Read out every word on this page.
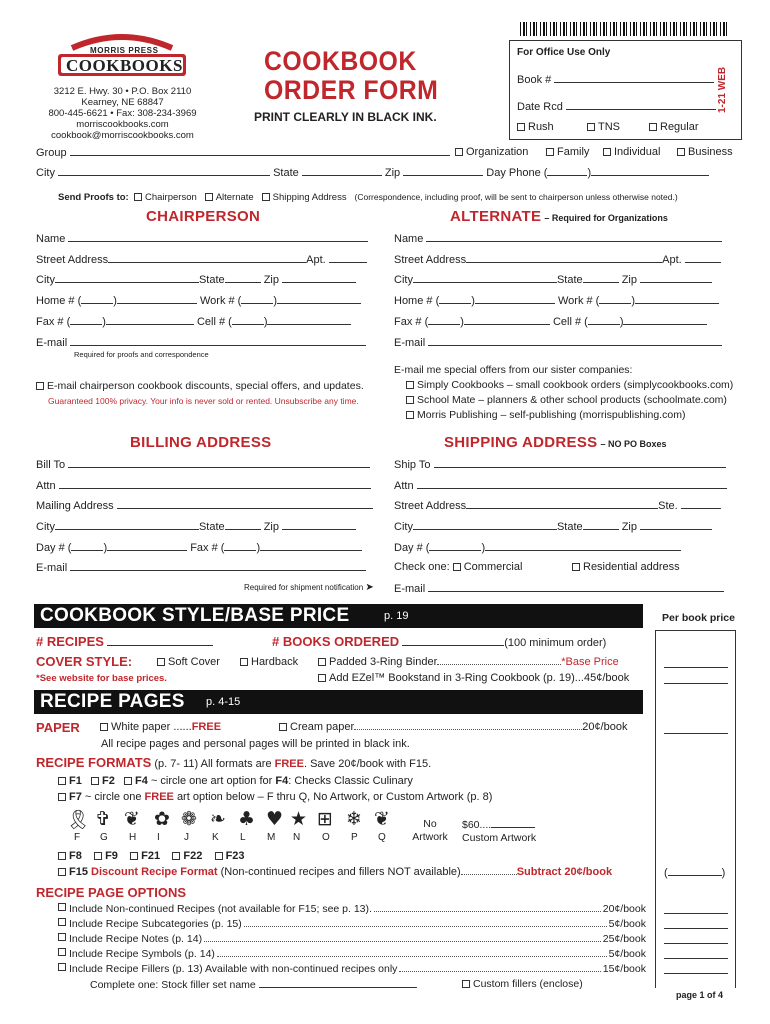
MORRIS PRESS
COOKBOOKS
3212 E. Hwy. 30 • P.O. Box 2110
Kearney, NE 68847
800-445-6621 • Fax: 308-234-3969
morriscookbooks.com
cookbook@morriscookbooks.com
COOKBOOK
ORDER FORM
PRINT CLEARLY IN BLACK INK.
For Office Use Only
Book #
Date Rcd
Rush	TNS	Regular
1-21 WEB
Group	Organization	Family	Individual	Business
City	State	Zip	Day Phone (	)
Send Proofs to: Chairperson Alternate Shipping Address (Correspondence, including proof, will be sent to chairperson unless otherwise noted.)
CHAIRPERSON
Name
Street Address	Apt.
City	State	Zip
Home # (	)	Work # (	)
Fax # (	)	Cell # (	)
E-mail
Required for proofs and correspondence
ALTERNATE – Required for Organizations
Name
Street Address	Apt.
City	State	Zip
Home # (	)	Work # (	)
Fax # (	)	Cell # (	)
E-mail
E-mail chairperson cookbook discounts, special offers, and updates.
Guaranteed 100% privacy. Your info is never sold or rented. Unsubscribe any time.
E-mail me special offers from our sister companies:
Simply Cookbooks – small cookbook orders (simplycookbooks.com)
School Mate – planners & other school products (schoolmate.com)
Morris Publishing – self-publishing (morrispublishing.com)
BILLING ADDRESS
Bill To
Attn
Mailing Address
City	State	Zip
Day # (	)	Fax # (	)
E-mail
Required for shipment notification ➤
SHIPPING ADDRESS – NO PO Boxes
Ship To
Attn
Street Address	Ste.
City	State	Zip
Day # (	)
Check one: Commercial	Residential address
E-mail
COOKBOOK STYLE/BASE PRICE	p. 19	Per book price
# RECIPES	# BOOKS ORDERED	(100 minimum order)
COVER STYLE:	Soft Cover	Hardback	Padded 3-Ring Binder	*Base Price
*See website for base prices.	Add EZel™ Bookstand in 3-Ring Cookbook (p. 19)...45¢/book
RECIPE PAGES p. 4-15
PAPER	White paper ......FREE	Cream paper	20¢/book
All recipe pages and personal pages will be printed in black ink.
RECIPE FORMATS (p. 7- 11) All formats are FREE. Save 20¢/book with F15.
F1 F2 F4 ~ circle one art option for F4: Checks Classic Culinary
F7 ~ circle one FREE art option below – F thru Q, No Artwork, or Custom Artwork (p. 8)
🎗︎ ✞ ❦ ✿ ❁ ❧ ♣ ♥ ★ ⊞ ❄ ❦
F G H I J K L M N O P Q
No
Artwork
$60....
Custom Artwork
F8 F9 F21 F22 F23
F15 Discount Recipe Format (Non-continued recipes and fillers NOT available)	Subtract 20¢/book	(	)
RECIPE PAGE OPTIONS
Include Non-continued Recipes (not available for F15; see p. 13).	20¢/book
Include Recipe Subcategories (p. 15)	5¢/book
Include Recipe Notes (p. 14)	25¢/book
Include Recipe Symbols (p. 14)	5¢/book
Include Recipe Fillers (p. 13) Available with non-continued recipes only	15¢/book
Complete one: Stock filler set name	Custom fillers (enclose)
page 1 of 4
